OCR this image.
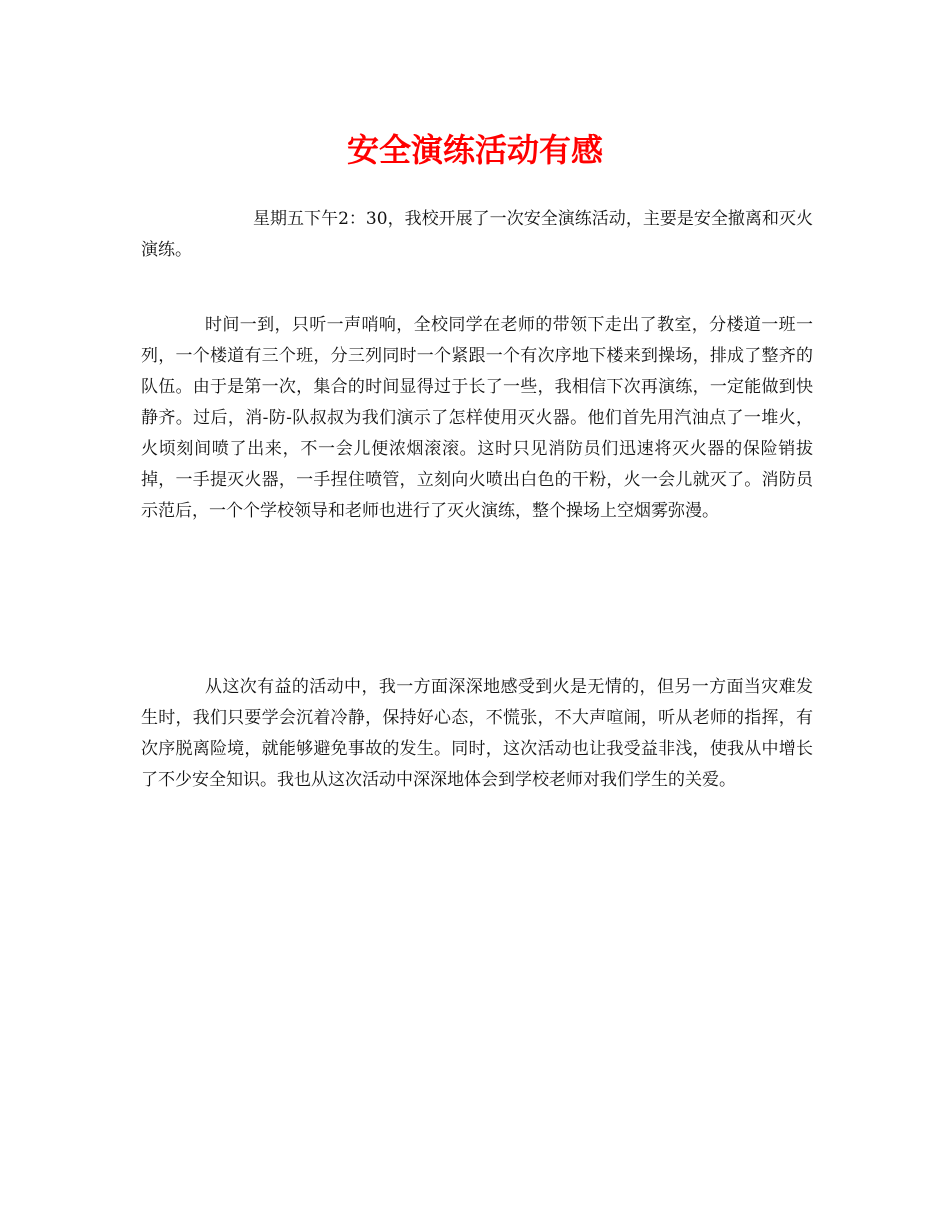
安全演练活动有感

星期五下午2：30，我校开展了一次安全演练活动，主要是安全撤离和灭火演练。

时间一到，只听一声哨响，全校同学在老师的带领下走出了教室，分楼道一班一列，一个楼道有三个班，分三列同时一个紧跟一个有次序地下楼来到操场，排成了整齐的队伍。由于是第一次，集合的时间显得过于长了一些，我相信下次再演练，一定能做到快静齐。过后，消-防-队叔叔为我们演示了怎样使用灭火器。他们首先用汽油点了一堆火，火顷刻间喷了出来，不一会儿便浓烟滚滚。这时只见消防员们迅速将灭火器的保险销拔掉，一手提灭火器，一手捏住喷管，立刻向火喷出白色的干粉，火一会儿就灭了。消防员示范后，一个个学校领导和老师也进行了灭火演练，整个操场上空烟雾弥漫。

从这次有益的活动中，我一方面深深地感受到火是无情的，但另一方面当灾难发生时，我们只要学会沉着冷静，保持好心态，不慌张，不大声喧闹，听从老师的指挥，有次序脱离险境，就能够避免事故的发生。同时，这次活动也让我受益非浅，使我从中增长了不少安全知识。我也从这次活动中深深地体会到学校老师对我们学生的关爱。
